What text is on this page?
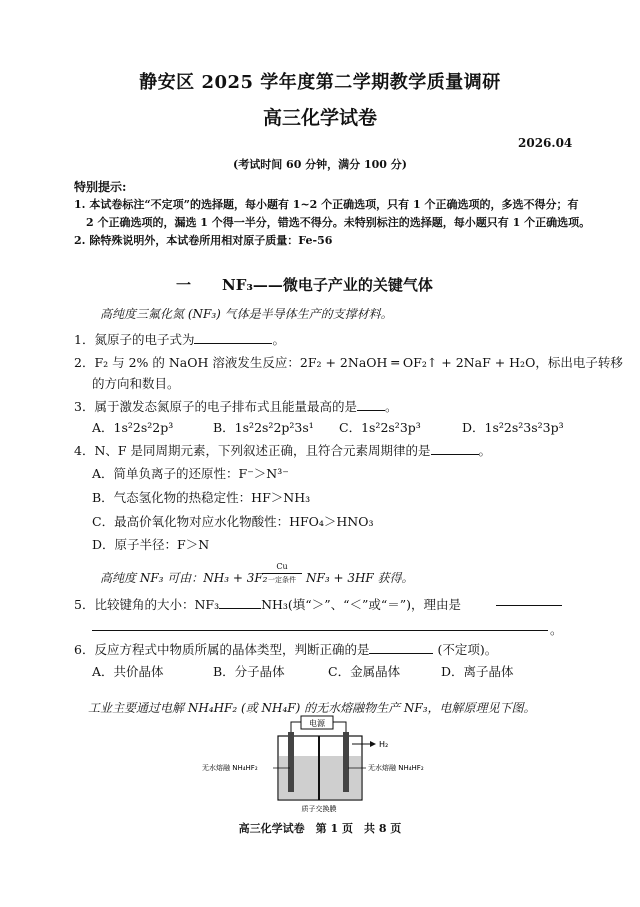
静安区 2025 学年度第二学期教学质量调研
高三化学试卷
2026.04
(考试时间 60 分钟，满分 100 分)
特别提示:
1. 本试卷标注“不定项”的选择题，每小题有 1~2 个正确选项，只有 1 个正确选项的，多选不得分；有
2 个正确选项的，漏选 1 个得一半分，错选不得分。未特别标注的选择题，每小题只有 1 个正确选项。
2. 除特殊说明外，本试卷所用相对原子质量：Fe-56
一 NF₃——微电子产业的关键气体
高纯度三氟化氮 (NF₃) 气体是半导体生产的支撑材料。
1．氮原子的电子式为	。
2．F₂ 与 2% 的 NaOH 溶液发生反应：2F₂ + 2NaOH ═ OF₂↑ + 2NaF + H₂O，标出电子转移
的方向和数目。
3．属于激发态氮原子的电子排布式且能量最高的是 。
A．1s²2s²2p³	B．1s²2s²2p²3s¹ C．1s²2s²3p³	D．1s²2s²3s²3p³
4．N、F 是同周期元素，下列叙述正确，且符合元素周期律的是	。
A．简单负离子的还原性：F⁻＞N³⁻
B．气态氢化物的热稳定性：HF＞NH₃
C．最高价氧化物对应水化物酸性：HFO₄＞HNO₃
D．原子半径：F＞N
高纯度 NF₃ 可由：NH₃ + 3F₂
Cu
一定条件 NF₃ + 3HF 获得。
5．比较键角的大小：NF₃	NH₃(填“＞”、“＜”或“＝”)，理由是
。
6．反应方程式中物质所属的晶体类型，判断正确的是	(不定项)。
A．共价晶体	B．分子晶体	C．金属晶体	D．离子晶体
工业主要通过电解 NH₄HF₂ (或 NH₄F) 的无水熔融物生产 NF₃，电解原理见下图。
电源
H₂
无水熔融 NH₄HF₂	无水熔融 NH₄HF₂
质子交换膜
高三化学试卷　第 1 页　共 8 页
